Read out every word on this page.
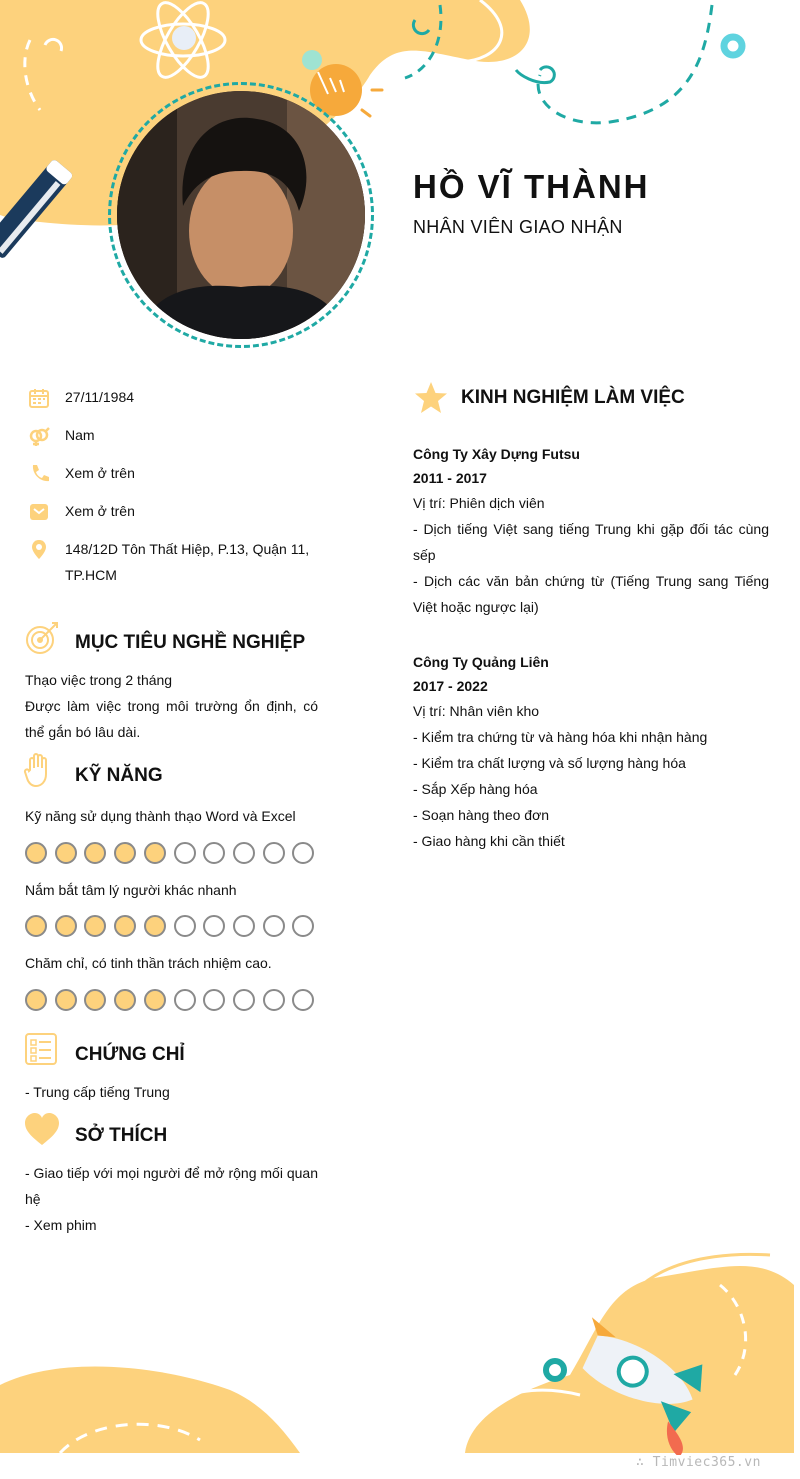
HỒ VĨ THÀNH
NHÂN VIÊN GIAO NHẬN
27/11/1984
Nam
Xem ở trên
Xem ở trên
148/12D Tôn Thất Hiệp, P.13, Quận 11, TP.HCM
MỤC TIÊU NGHỀ NGHIỆP
Thạo việc trong 2 tháng
Được làm việc trong môi trường ổn định, có thể gắn bó lâu dài.
KỸ NĂNG
Kỹ năng sử dụng thành thạo Word và Excel
Nắm bắt tâm lý người khác nhanh
Chăm chỉ, có tinh thần trách nhiệm cao.
CHỨNG CHỈ
- Trung cấp tiếng Trung
SỞ THÍCH
- Giao tiếp với mọi người để mở rộng mối quan hệ
- Xem phim
KINH NGHIỆM LÀM VIỆC
Công Ty Xây Dựng Futsu
2011 - 2017
Vị trí: Phiên dịch viên
- Dịch tiếng Việt sang tiếng Trung khi gặp đối tác cùng sếp
- Dịch các văn bản chứng từ (Tiếng Trung sang Tiếng Việt hoặc ngược lại)
Công Ty Quảng Liên
2017 - 2022
Vị trí: Nhân viên kho
- Kiểm tra chứng từ và hàng hóa khi nhận hàng
- Kiểm tra chất lượng và số lượng hàng hóa
- Sắp Xếp hàng hóa
- Soạn hàng theo đơn
- Giao hàng khi cần thiết
∴ Timviec365.vn
